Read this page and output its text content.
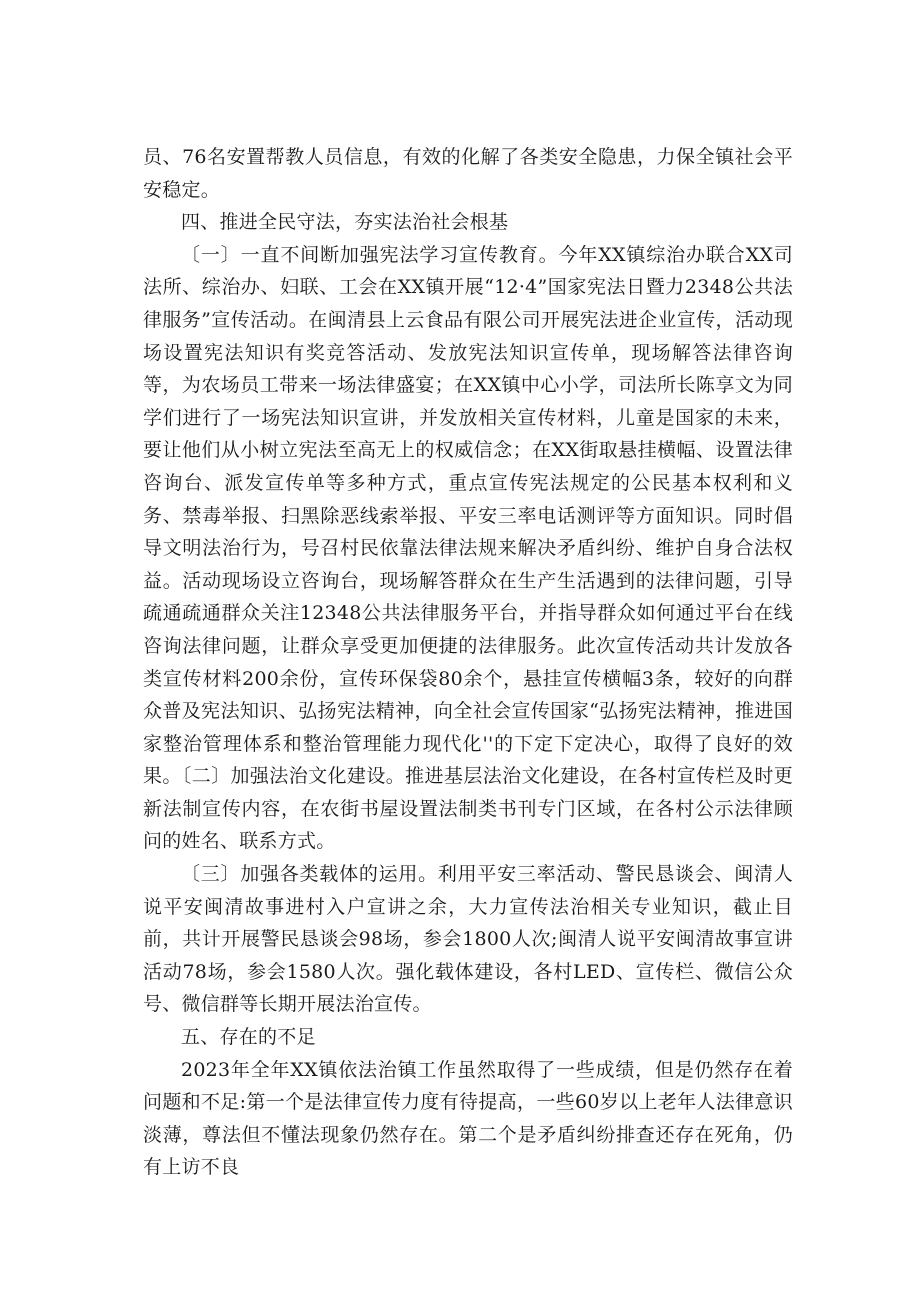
员、76名安置帮教人员信息，有效的化解了各类安全隐患，力保全镇社会平安稳定。

四、推进全民守法，夯实法治社会根基

〔一〕一直不间断加强宪法学习宣传教育。今年XX镇综治办联合XX司法所、综治办、妇联、工会在XX镇开展“12·4”国家宪法日暨力2348公共法律服务”宣传活动。在闽清县上云食品有限公司开展宪法进企业宣传，活动现场设置宪法知识有奖竞答活动、发放宪法知识宣传单，现场解答法律咨询等，为农场员工带来一场法律盛宴；在XX镇中心小学，司法所长陈享文为同学们进行了一场宪法知识宣讲，并发放相关宣传材料，儿童是国家的未来，要让他们从小树立宪法至高无上的权威信念；在XX街取悬挂横幅、设置法律咨询台、派发宣传单等多种方式，重点宣传宪法规定的公民基本权利和义务、禁毒举报、扫黑除恶线索举报、平安三率电话测评等方面知识。同时倡导文明法治行为，号召村民依靠法律法规来解决矛盾纠纷、维护自身合法权益。活动现场设立咨询台，现场解答群众在生产生活遇到的法律问题，引导疏通疏通群众关注12348公共法律服务平台，并指导群众如何通过平台在线咨询法律问题，让群众享受更加便捷的法律服务。此次宣传活动共计发放各类宣传材料200余份，宣传环保袋80余个，悬挂宣传横幅3条，较好的向群众普及宪法知识、弘扬宪法精神，向全社会宣传国家“弘扬宪法精神，推进国家整治管理体系和整治管理能力现代化''的下定下定决心，取得了良好的效果。〔二〕加强法治文化建设。推进基层法治文化建设，在各村宣传栏及时更新法制宣传内容，在农街书屋设置法制类书刊专门区域，在各村公示法律顾问的姓名、联系方式。

〔三〕加强各类载体的运用。利用平安三率活动、警民恳谈会、闽清人说平安闽清故事进村入户宣讲之余，大力宣传法治相关专业知识，截止目前，共计开展警民恳谈会98场，参会1800人次;闽清人说平安闽清故事宣讲活动78场，参会1580人次。强化载体建设，各村LED、宣传栏、微信公众号、微信群等长期开展法治宣传。

五、存在的不足

2023年全年XX镇依法治镇工作虽然取得了一些成绩，但是仍然存在着问题和不足:第一个是法律宣传力度有待提高，一些60岁以上老年人法律意识淡薄，尊法但不懂法现象仍然存在。第二个是矛盾纠纷排查还存在死角，仍有上访不良
